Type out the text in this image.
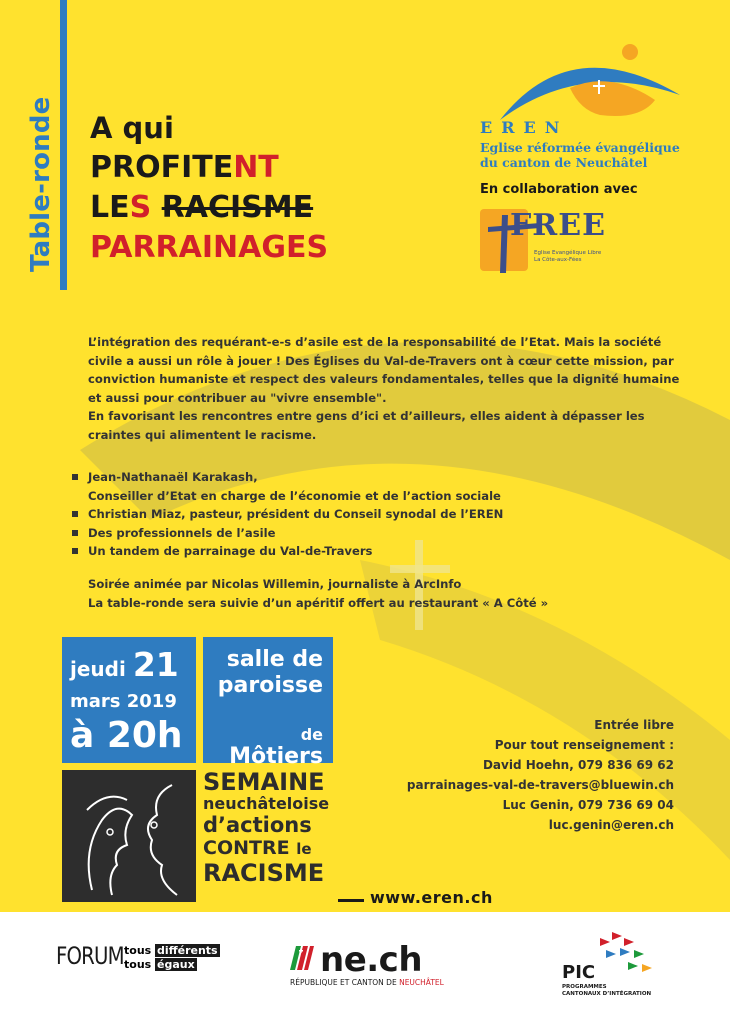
Table-ronde A qui
PROFITENT
LES RACISME
PARRAINAGES
EREN
Eglise réformée évangélique
du canton de Neuchâtel
En collaboration avec
FREE
Eglise Evangélique Libre
La Côte-aux-Fées

L’intégration des requérant-e-s d’asile est de la responsabilité de l’Etat. Mais la société civile a aussi un rôle à jouer ! Des Églises du Val-de-Travers ont à cœur cette mission, par conviction humaniste et respect des valeurs fondamentales, telles que la dignité humaine et aussi pour contribuer au "vivre ensemble".

En favorisant les rencontres entre gens d’ici et d’ailleurs, elles aident à dépasser les craintes qui alimentent le racisme.

Jean-Nathanaël Karakash,
Conseiller d’Etat en charge de l’économie et de l’action sociale
Christian Miaz, pasteur, président du Conseil synodal de l’EREN
Des professionnels de l’asile
Un tandem de parrainage du Val-de-Travers
Soirée animée par Nicolas Willemin, journaliste à ArcInfo
La table-ronde sera suivie d’un apéritif offert au restaurant « A Côté »
jeudi 21
mars 2019
à 20h
salle de
paroisse
de Môtiers
SEMAINE
neuchâteloise
d’actions
CONTRE le
RACISME
Entrée libre
Pour tout renseignement :
David Hoehn, 079 836 69 62
parrainages-val-de-travers@bluewin.ch
Luc Genin, 079 736 69 04
luc.genin@eren.ch
www.eren.ch
FORUM tous différents
tous égaux	ne.ch
RÉPUBLIQUE ET CANTON DE NEUCHÂTEL	PIC
PROGRAMMES
CANTONAUX D’INTÉGRATION
